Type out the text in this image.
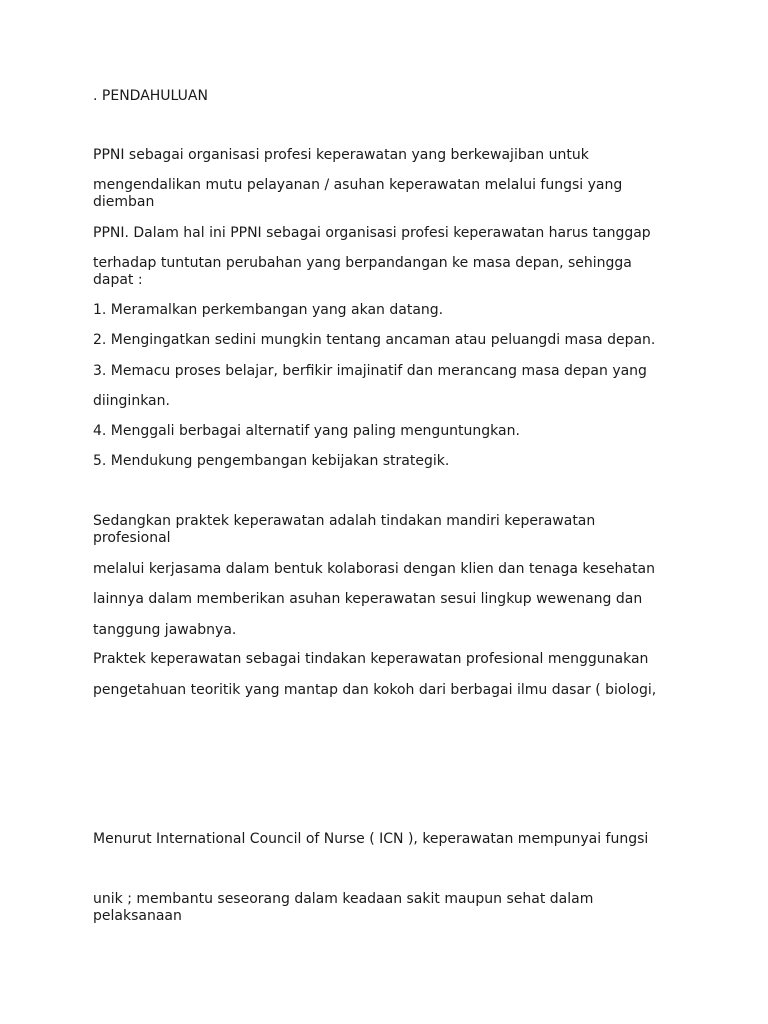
. PENDAHULUAN

PPNI sebagai organisasi profesi keperawatan yang berkewajiban untuk

mengendalikan mutu pelayanan / asuhan keperawatan melalui fungsi yang
diemban

PPNI. Dalam hal ini PPNI sebagai organisasi profesi keperawatan harus tanggap

terhadap tuntutan perubahan yang berpandangan ke masa depan, sehingga
dapat :

1. Meramalkan perkembangan yang akan datang.

2. Mengingatkan sedini mungkin tentang ancaman atau peluangdi masa depan.

3. Memacu proses belajar, berfikir imajinatif dan merancang masa depan yang

diinginkan.

4. Menggali berbagai alternatif yang paling menguntungkan.

5. Mendukung pengembangan kebijakan strategik.

Sedangkan praktek keperawatan adalah tindakan mandiri keperawatan
profesional

melalui kerjasama dalam bentuk kolaborasi dengan klien dan tenaga kesehatan

lainnya dalam memberikan asuhan keperawatan sesui lingkup wewenang dan

tanggung jawabnya.

Praktek keperawatan sebagai tindakan keperawatan profesional menggunakan

pengetahuan teoritik yang mantap dan kokoh dari berbagai ilmu dasar ( biologi,

Menurut International Council of Nurse ( ICN ), keperawatan mempunyai fungsi

unik ; membantu seseorang dalam keadaan sakit maupun sehat dalam
pelaksanaan
